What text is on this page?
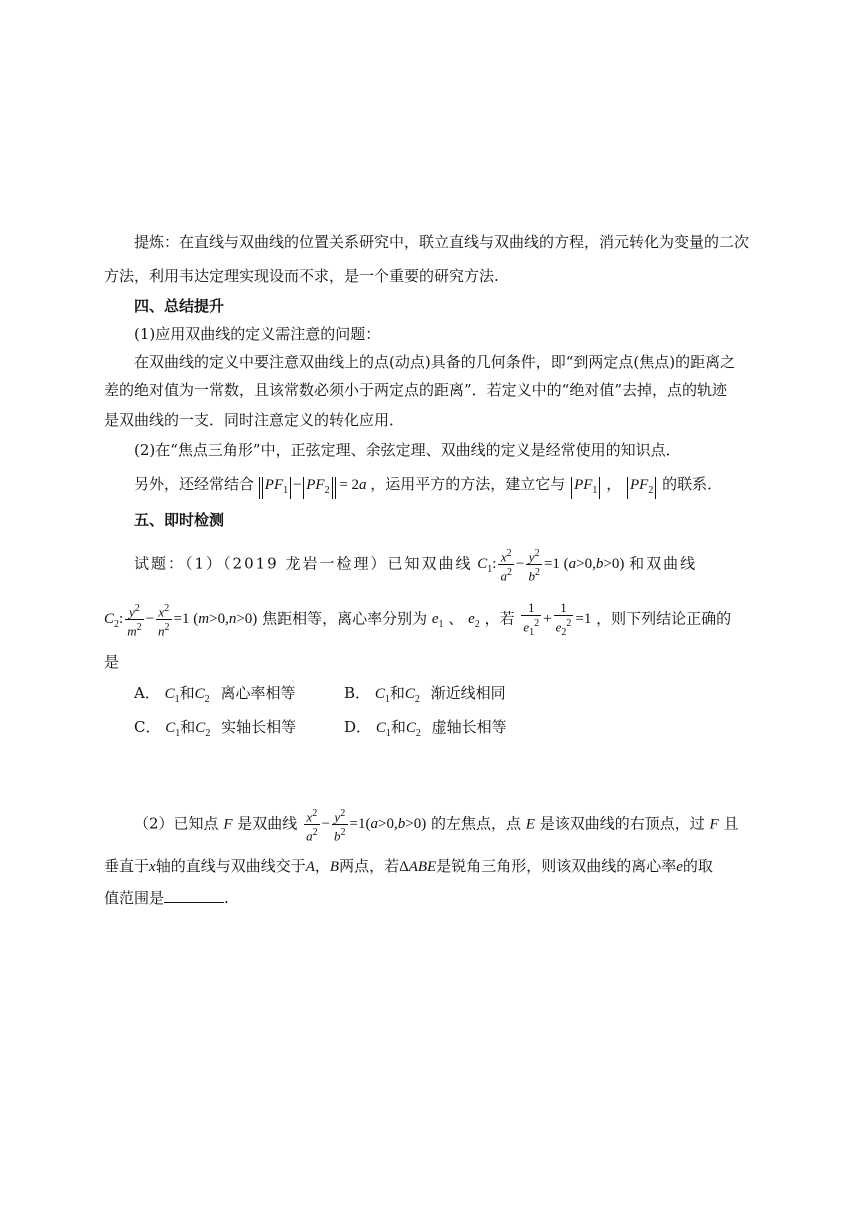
提炼：在直线与双曲线的位置关系研究中，联立直线与双曲线的方程，消元转化为变量的二次
方法，利用韦达定理实现设而不求，是一个重要的研究方法.
四、总结提升
(1)应用双曲线的定义需注意的问题：
在双曲线的定义中要注意双曲线上的点(动点)具备的几何条件，即“到两定点(焦点)的距离之
差的绝对值为一常数，且该常数必须小于两定点的距离”．若定义中的“绝对值”去掉，点的轨迹
是双曲线的一支．同时注意定义的转化应用．
(2)在“焦点三角形”中，正弦定理、余弦定理、双曲线的定义是经常使用的知识点．
另外，还经常结合 $PF_1 - PF_2 = 2a$ ，运用平方的方法，建立它与 $PF_1$ ， $PF_2$ 的联系．
五、即时检测
试题：（1）（2019 龙岩一检理）已知双曲线 $C_1$: $\frac{x^2}{a^2} - \frac{y^2}{b^2} =1$ (a>0,b>0) 和双曲线
$C_2$: $\frac{y^2}{m^2} - \frac{x^2}{n^2} =1$ (m>0,n>0) 焦距相等，离心率分别为 $e_1$ 、 $e_2$ ，若 $\frac{1}{e_1^2} + \frac{1}{e_2^2} =1$ ，则下列结论正确的
是
A． $C_1$和$C_2$ 离心率相等	B． $C_1$和$C_2$ 渐近线相同
C． $C_1$和$C_2$ 实轴长相等	D． $C_1$和$C_2$ 虚轴长相等
（2）已知点 F 是双曲线 $\frac{x^2}{a^2} - \frac{y^2}{b^2} =1(a>0,b>0)$ 的左焦点，点 E 是该双曲线的右顶点，过 F 且
垂直于x轴的直线与双曲线交于A，B两点，若ΔABE是锐角三角形，则该双曲线的离心率e的取
值范围是	.
